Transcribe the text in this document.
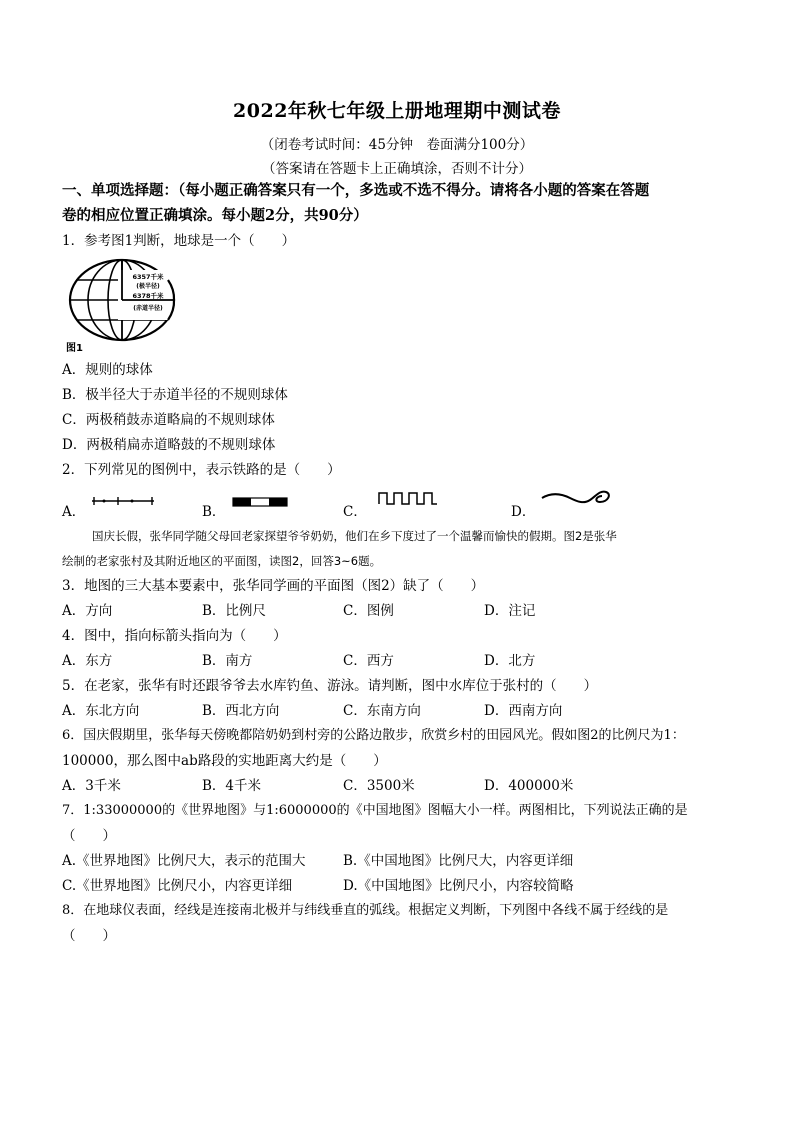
2022年秋七年级上册地理期中测试卷
（闭卷考试时间：45分钟　卷面满分100分）
（答案请在答题卡上正确填涂，否则不计分）
一、单项选择题：（每小题正确答案只有一个，多选或不选不得分。请将各小题的答案在答题
卷的相应位置正确填涂。每小题2分，共90分）
1．参考图1判断，地球是一个（　　）
6357千米
(极半径)
6378千米
(赤道半径)
图1
A．规则的球体
B．极半径大于赤道半径的不规则球体
C．两极稍鼓赤道略扁的不规则球体
D．两极稍扁赤道略鼓的不规则球体
2．下列常见的图例中，表示铁路的是（　　）
A．	B．	C．	D．
国庆长假，张华同学随父母回老家探望爷爷奶奶，他们在乡下度过了一个温馨而愉快的假期。图2是张华
绘制的老家张村及其附近地区的平面图，读图2，回答3~6题。
3．地图的三大基本要素中，张华同学画的平面图（图2）缺了（　　）
A．方向	B．比例尺	C．图例	D．注记
4．图中，指向标箭头指向为（　　）
A．东方	B．南方	C．西方	D．北方
5．在老家，张华有时还跟爷爷去水库钓鱼、游泳。请判断，图中水库位于张村的（　　）
A．东北方向	B．西北方向	C．东南方向	D．西南方向
6．国庆假期里，张华每天傍晚都陪奶奶到村旁的公路边散步，欣赏乡村的田园风光。假如图2的比例尺为1：
100000，那么图中ab路段的实地距离大约是（　　）
A．3千米	B．4千米	C．3500米	D．400000米
7．1:33000000的《世界地图》与1:6000000的《中国地图》图幅大小一样。两图相比，下列说法正确的是
（　　）
A.《世界地图》比例尺大，表示的范围大	B.《中国地图》比例尺大，内容更详细
C.《世界地图》比例尺小，内容更详细	D.《中国地图》比例尺小，内容较简略
8．在地球仪表面，经线是连接南北极并与纬线垂直的弧线。根据定义判断，下列图中各线不属于经线的是
（　　）
